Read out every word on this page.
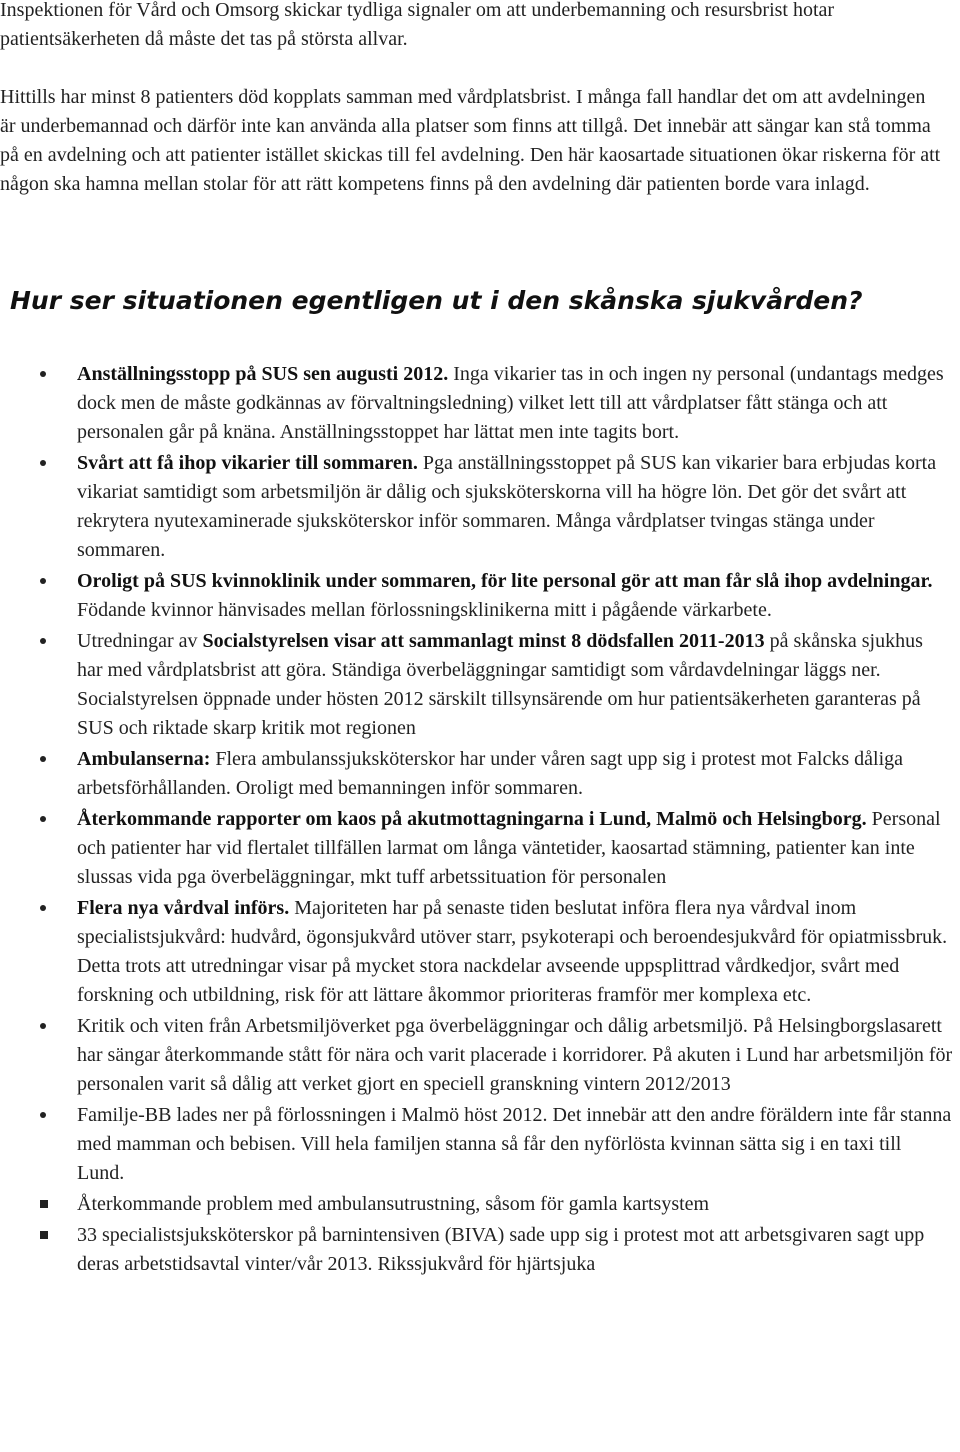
Inspektionen för Vård och Omsorg skickar tydliga signaler om att underbemanning och resursbrist hotar patientsäkerheten då måste det tas på största allvar.

Hittills har minst 8 patienters död kopplats samman med vårdplatsbrist. I många fall handlar det om att avdelningen är underbemannad och därför inte kan använda alla platser som finns att tillgå. Det innebär att sängar kan stå tomma på en avdelning och att patienter istället skickas till fel avdelning. Den här kaosartade situationen ökar riskerna för att någon ska hamna mellan stolar för att rätt kompetens finns på den avdelning där patienten borde vara inlagd.

Hur ser situationen egentligen ut i den skånska sjukvården?
Anställningsstopp på SUS sen augusti 2012. Inga vikarier tas in och ingen ny personal (undantags medges dock men de måste godkännas av förvaltningsledning) vilket lett till att vårdplatser fått stänga och att personalen går på knäna. Anställningsstoppet har lättat men inte tagits bort.
Svårt att få ihop vikarier till sommaren. Pga anställningsstoppet på SUS kan vikarier bara erbjudas korta vikariat samtidigt som arbetsmiljön är dålig och sjuksköterskorna vill ha högre lön. Det gör det svårt att rekrytera nyutexaminerade sjuksköterskor inför sommaren. Många vårdplatser tvingas stänga under sommaren.
Oroligt på SUS kvinnoklinik under sommaren, för lite personal gör att man får slå ihop avdelningar. Födande kvinnor hänvisades mellan förlossningsklinikerna mitt i pågående värkarbete.
Utredningar av Socialstyrelsen visar att sammanlagt minst 8 dödsfallen 2011-2013 på skånska sjukhus har med vårdplatsbrist att göra. Ständiga överbeläggningar samtidigt som vårdavdelningar läggs ner. Socialstyrelsen öppnade under hösten 2012 särskilt tillsynsärende om hur patientsäkerheten garanteras på SUS och riktade skarp kritik mot regionen
Ambulanserna: Flera ambulanssjuksköterskor har under våren sagt upp sig i protest mot Falcks dåliga arbetsförhållanden. Oroligt med bemanningen inför sommaren.
Återkommande rapporter om kaos på akutmottagningarna i Lund, Malmö och Helsingborg. Personal och patienter har vid flertalet tillfällen larmat om långa väntetider, kaosartad stämning, patienter kan inte slussas vida pga överbeläggningar, mkt tuff arbetssituation för personalen
Flera nya vårdval införs. Majoriteten har på senaste tiden beslutat införa flera nya vårdval inom specialistsjukvård: hudvård, ögonsjukvård utöver starr, psykoterapi och beroendesjukvård för opiatmissbruk. Detta trots att utredningar visar på mycket stora nackdelar avseende uppsplittrad vårdkedjor, svårt med forskning och utbildning, risk för att lättare åkommor prioriteras framför mer komplexa etc.
Kritik och viten från Arbetsmiljöverket pga överbeläggningar och dålig arbetsmiljö. På Helsingborgslasarett har sängar återkommande stått för nära och varit placerade i korridorer. På akuten i Lund har arbetsmiljön för personalen varit så dålig att verket gjort en speciell granskning vintern 2012/2013
Familje-BB lades ner på förlossningen i Malmö höst 2012. Det innebär att den andre föräldern inte får stanna med mamman och bebisen. Vill hela familjen stanna så får den nyförlösta kvinnan sätta sig i en taxi till Lund.
Återkommande problem med ambulansutrustning, såsom för gamla kartsystem
33 specialistsjuksköterskor på barnintensiven (BIVA) sade upp sig i protest mot att arbetsgivaren sagt upp deras arbetstidsavtal vinter/vår 2013. Rikssjukvård för hjärtsjuka
